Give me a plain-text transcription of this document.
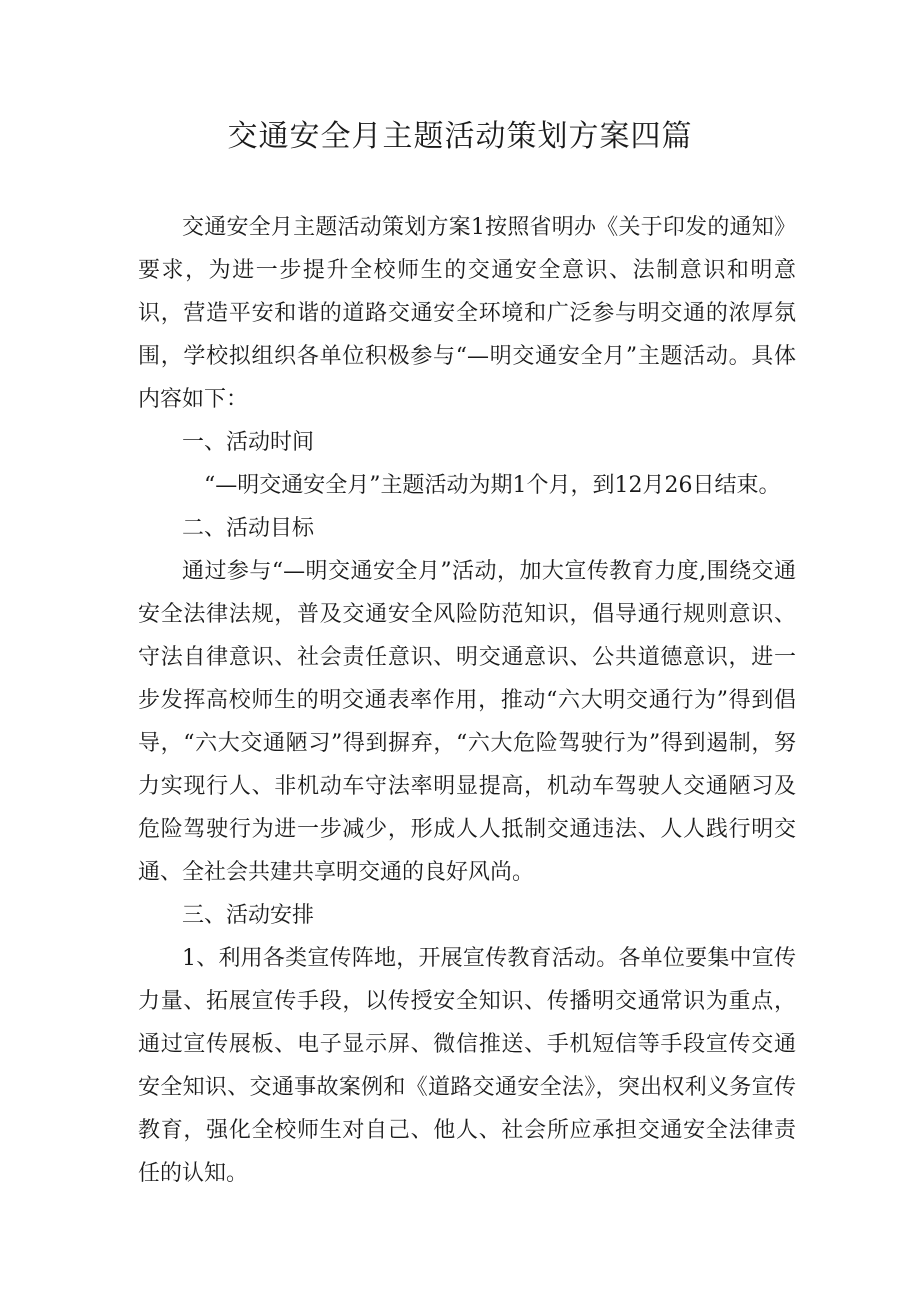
交通安全月主题活动策划方案四篇

交通安全月主题活动策划方案1按照省明办《关于印发的通知》要求，为进一步提升全校师生的交通安全意识、法制意识和明意识，营造平安和谐的道路交通安全环境和广泛参与明交通的浓厚氛围，学校拟组织各单位积极参与“—明交通安全月”主题活动。具体内容如下：

一、活动时间

“—明交通安全月”主题活动为期1个月，到12月26日结束。

二、活动目标

通过参与“—明交通安全月”活动，加大宣传教育力度,围绕交通安全法律法规，普及交通安全风险防范知识，倡导通行规则意识、守法自律意识、社会责任意识、明交通意识、公共道德意识，进一步发挥高校师生的明交通表率作用，推动“六大明交通行为”得到倡导，“六大交通陋习”得到摒弃，“六大危险驾驶行为”得到遏制，努力实现行人、非机动车守法率明显提高，机动车驾驶人交通陋习及危险驾驶行为进一步减少，形成人人抵制交通违法、人人践行明交通、全社会共建共享明交通的良好风尚。

三、活动安排

1、利用各类宣传阵地，开展宣传教育活动。各单位要集中宣传力量、拓展宣传手段，以传授安全知识、传播明交通常识为重点，通过宣传展板、电子显示屏、微信推送、手机短信等手段宣传交通安全知识、交通事故案例和《道路交通安全法》，突出权利义务宣传教育，强化全校师生对自己、他人、社会所应承担交通安全法律责任的认知。
